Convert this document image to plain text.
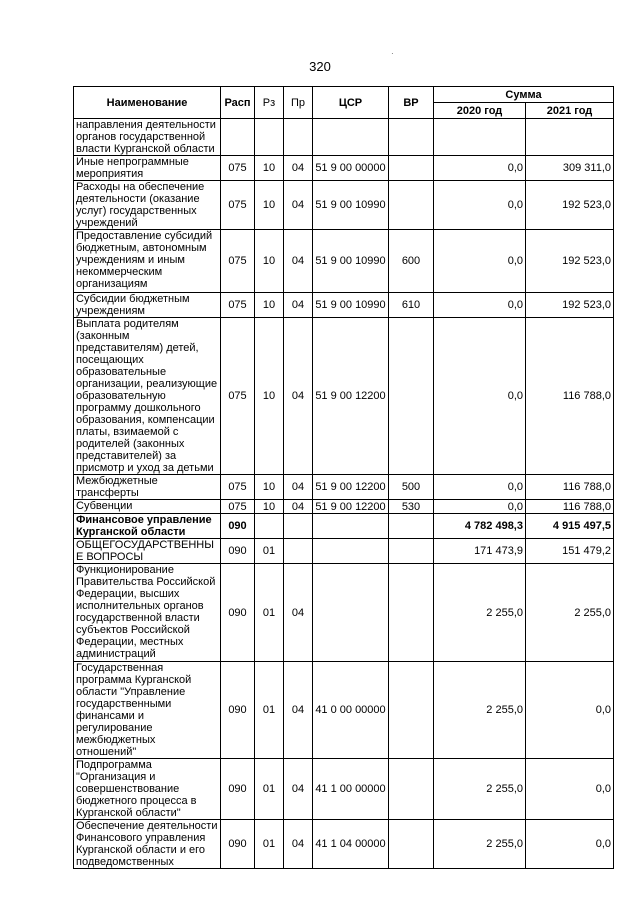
320
·
Наименование	Расп	Рз	Пр	ЦСР	ВР	Сумма	
						2020 год	2021 год
направления деятельности органов государственной власти Курганской области							
Иные непрограммные мероприятия	075	10	04	51 9 00 00000		0,0	309 311,0
Расходы на обеспечение деятельности (оказание услуг) государственных учреждений	075	10	04	51 9 00 10990		0,0	192 523,0
Предоставление субсидий бюджетным, автономным учреждениям и иным некоммерческим организациям	075	10	04	51 9 00 10990	600	0,0	192 523,0
Субсидии бюджетным учреждениям	075	10	04	51 9 00 10990	610	0,0	192 523,0
Выплата родителям (законным представителям) детей, посещающих образовательные организации, реализующие образовательную программу дошкольного образования, компенсации платы, взимаемой с родителей (законных представителей) за присмотр и уход за детьми	075	10	04	51 9 00 12200		0,0	116 788,0
Межбюджетные трансферты	075	10	04	51 9 00 12200	500	0,0	116 788,0
Субвенции	075	10	04	51 9 00 12200	530	0,0	116 788,0
Финансовое управление Курганской области	090					4 782 498,3	4 915 497,5
ОБЩЕГОСУДАРСТВЕННЫЕ ВОПРОСЫ	090	01				171 473,9	151 479,2
Функционирование Правительства Российской Федерации, высших исполнительных органов государственной власти субъектов Российской Федерации, местных администраций	090	01	04			2 255,0	2 255,0
Государственная программа Курганской области "Управление государственными финансами и регулирование межбюджетных отношений"	090	01	04	41 0 00 00000		2 255,0	0,0
Подпрограмма "Организация и совершенствование бюджетного процесса в Курганской области"	090	01	04	41 1 00 00000		2 255,0	0,0
Обеспечение деятельности Финансового управления Курганской области и его подведомственных	090	01	04	41 1 04 00000		2 255,0	0,0
